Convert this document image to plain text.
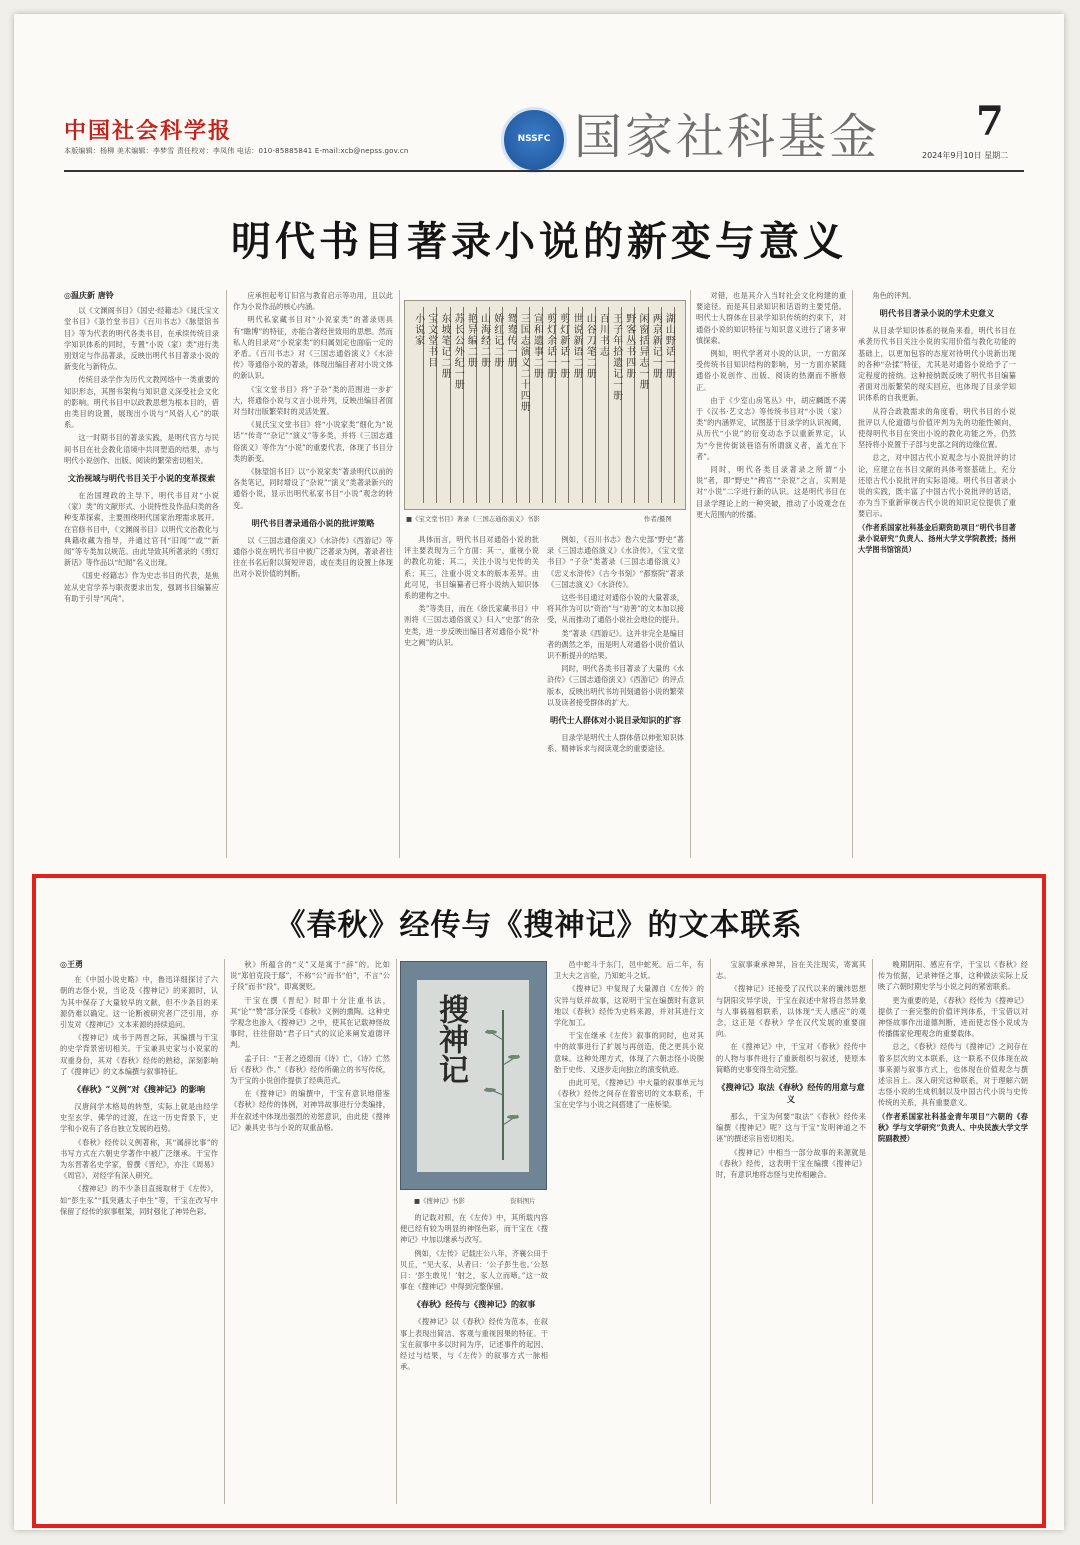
中国社会科学报
本版编辑：杨柳 美术编辑：李梦雪 责任校对：李凤伟 电话：010-85885841 E-mail:xcb@nepss.gov.cn
NSSFC 国家社科基金 7
2024年9月10日 星期二
明代书目著录小说的新变与意义

◎温庆新 唐铃

以《文渊阁书目》《国史·经籍志》《晁氏宝文堂书目》《菉竹堂书目》《百川书志》《脉望馆书目》等为代表的明代各类书目，在承续传统目录学知识体系的同时，专置“小说（家）类”进行类别划定与作品著录，反映出明代书目著录小说的新变化与新特点。

传统目录学作为历代文教网络中一类重要的知识形态，其图书架构与知识意义深受社会文化的影响。明代书目中以政教思想为根本目的，借由类目的设置，展现出小说与“风俗人心”的联系。

这一时期书目的著录实践，是明代官方与民间书目在社会教化语境中共同塑造的结果，亦与明代小说创作、出版、阅读的繁荣密切相关。

文治视域与明代书目关于小说的变革探索

在治国理政的主导下，明代书目对“小说（家）类”的文献形式、小说特性及作品归类的各种变革探索，主要围绕明代国家治理需求展开。在官修书目中，《文渊阁书目》以明代文治教化与典籍收藏为指导，并通过官刊“旧闻”“或”“新闻”等专类加以规范。由此导致其所著录的《剪灯新话》等作品以“纪闻”名义出现。

《国史·经籍志》作为史志书目的代表，是焦竑从史官学养与职责要求出发，强调书目编纂应有助于引导“风尚”。

应承担起考订旧官与教育启示等功用，且以此作为小说作品的核心内涵。

明代私家藏书目对“小说家类”的著录则具有“瞻博”的特征，亦能合著经世致用的思想。然而私人的目录对“小说家类”的归属划定也面临一定的矛盾。《百川书志》对《三国志通俗演义》《水浒传》等通俗小说的著录，体现出编目者对小说文体的新认识。

《宝文堂书目》将“子杂”类的范围进一步扩大，将通俗小说与文言小说并列，反映出编目者面对当时出版繁荣时的灵活处置。

《晁氏宝文堂书目》将“小说家类”细化为“说话”“传奇”“杂记”“演义”等多类，并将《三国志通俗演义》等作为“小说”的重要代表，体现了书目分类的新变。

《脉望馆书目》以“小说家类”著录明代以前的各类笔记，同时增设了“杂说”“演义”类著录新兴的通俗小说，显示出明代私家书目“小说”观念的转变。

明代书目著录通俗小说的批评策略

以《三国志通俗演义》《水浒传》《西游记》等通俗小说在明代书目中被广泛著录为例，著录者往往在书名后附以简短评语，或在类目的设置上体现出对小说价值的判断。

湖山野话一册
两京新记一册
闲窗括异志一册
野客丛书四册
王子年拾遗记一册
百川书志
山谷刀笔二册
世说新语二册
剪灯新话一册
剪灯余话一册
宣和遗事二册
三国志演义二十四册
鸳鸯传一册
娇红记二册
山海经二册
艳异编二册
苏长公外纪一册
东坡笔记二册
宝文堂书目
小说家
■《宝文堂书目》著录《三国志通俗演义》书影	作者/摄图

具体而言，明代书目对通俗小说的批评主要表现为三个方面：其一，重视小说的教化功能；其二，关注小说与史传的关系；其三，注重小说文本的版本差异。由此可见，书目编纂者已将小说纳入知识体系的建构之中。

类”等类目，而在《徐氏家藏书目》中则将《三国志通俗演义》归入“史部”的杂史类，进一步反映出编目者对通俗小说“补史之阙”的认识。

例如，《百川书志》卷六史部“野史”著录《三国志通俗演义》《水浒传》，《宝文堂书目》“子杂”类著录《三国志通俗演义》《忠义水浒传》《古今书刻》“都察院”著录《三国志演义》《水浒传》。

这些书目通过对通俗小说的大量著录，将其作为可以“资治”与“劝善”的文本加以接受，从而推动了通俗小说社会地位的提升。

类”著录《西游记》。这并非完全是编目者的偶然之举，而是明人对通俗小说价值认识不断提升的结果。

同时，明代各类书目著录了大量的《水浒传》《三国志通俗演义》《西游记》的评点版本，反映出明代书坊刊刻通俗小说的繁荣以及读者接受群体的扩大。

明代士人群体对小说目录知识的扩容

目录学是明代士人群体借以伸张知识体系、精神诉求与阅读观念的重要途径。

对错，也是其介入当时社会文化构建的重要途径。而是其目录知识和话语的主要凭借。明代士人群体在目录学知识传统的约束下，对通俗小说的知识特征与知识意义进行了诸多审慎探索。

例如，明代学者对小说的认识，一方面深受传统书目知识结构的影响，另一方面亦紧随通俗小说创作、出版、阅读的热潮而不断修正。

由于《少室山房笔丛》中，胡应麟既不满于《汉书·艺文志》等传统书目对“小说（家）类”的内涵界定，试图基于目录学的认识视阈，从历代“小说”的衍变动态予以重新界定，认为“今世传街谈巷语有所谓演义者，盖尤在下者”。

同时，明代各类目录著录之所谓“小说”者，即“野史”“稗官”“杂说”之言，实则是对“小说”二字进行新的认识。这是明代书目在目录学理论上的一种突破，推动了小说观念在更大范围内的传播。

角色的评判。

明代书目著录小说的学术史意义

从目录学知识体系的视角来看，明代书目在承袭历代书目关注小说的实用价值与教化功能的基础上，以更加包容的态度对待明代小说新出现的各种“杂揉”特征，尤其是对通俗小说给予了一定程度的接纳。这种接纳既反映了明代书目编纂者面对出版繁荣的现实回应，也体现了目录学知识体系的自我更新。

从符合政教需求的角度看，明代书目的小说批评以人伦道德与价值评判为先的功能性倾向，使得明代书目在突出小说的教化功能之外，仍然坚持将小说置于子部与史部之间的边缘位置。

总之，对中国古代小说观念与小说批评的讨论，应建立在书目文献的具体考察基础上，充分还原古代小说批评的实际语境。明代书目著录小说的实践，既丰富了中国古代小说批评的话语，亦为当下重新审视古代小说的知识定位提供了重要启示。

（作者系国家社科基金后期资助项目“明代书目著录小说研究”负责人、扬州大学文学院教授；扬州大学图书馆馆员）

《春秋》经传与《搜神记》的文本联系

◎王勇

在《中国小说史略》中，鲁迅详细探讨了六朝的志怪小说，当论及《搜神记》的来源时，认为其中保存了大量较早的文献，但不少条目的来源仍难以确定。这一论断被研究者广泛引用，亦引发对《搜神记》文本来源的持续追问。

《搜神记》成书于两晋之际，其编撰与干宝的史学背景密切相关。干宝兼具史家与小说家的双重身份，其对《春秋》经传的熟稔，深刻影响了《搜神记》的文本编撰与叙事特征。

《春秋》“义例”对《搜神记》的影响

汉唐间学术格局的转型，实际上就是由经学史至玄学、佛学的过渡，在这一历史背景下，史学和小说有了各自独立发展的趋势。

《春秋》经传以义例著称，其“属辞比事”的书写方式在六朝史学著作中被广泛继承。干宝作为东晋著名史学家，曾撰《晋纪》，亦注《周易》《周官》，对经学有深入研究。

《搜神记》的不少条目直接取材于《左传》，如“彭生豕”“狐突遇太子申生”等，干宝在改写中保留了经传的叙事框架，同时强化了神异色彩。

秋》所蕴含的“义”又是寓于“辞”的。比如说“郑伯克段于鄢”，不称“公”而书“伯”，不言“公子段”而书“段”，即寓褒贬。

干宝在撰《晋纪》时即十分注重书法，其“论”“赞”部分深受《春秋》义例的熏陶。这种史学观念也渗入《搜神记》之中，使其在记载神怪故事时，往往借助“君子曰”式的议论来阐发道德评判。

孟子曰：“王者之迹熄而《诗》亡，《诗》亡然后《春秋》作。”《春秋》经传所确立的书写传统，为干宝的小说创作提供了经典范式。

在《搜神记》的编撰中，干宝有意识地借鉴《春秋》经传的体例，对神异故事进行分类编排，并在叙述中体现出强烈的劝惩意识，由此使《搜神记》兼具史书与小说的双重品格。

搜神记
■《搜神记》书影	资料图片

的记载对照，在《左传》中，其所载内容便已经有较为明显的神怪色彩，而干宝在《搜神记》中加以继承与改写。

例如，《左传》记载庄公八年，齐襄公田于贝丘，“见大豕，从者曰：‘公子彭生也。’公怒曰：‘彭生敢见！’射之，豕人立而啼。”这一故事在《搜神记》中得到完整保留。

《春秋》经传与《搜神记》的叙事

《搜神记》以《春秋》经传为范本，在叙事上表现出简洁、客观与重视因果的特征。干宝在叙事中多以时间为序，记述事件的起因、经过与结果，与《左传》的叙事方式一脉相承。

邑中蛇斗于东门，邑中蛇死。后二年，有卫大夫之言验，乃知蛇斗之妖。

《搜神记》中复现了大量源自《左传》的灾异与妖祥故事，这说明干宝在编撰时有意识地以《春秋》经传为史料来源，并对其进行文学化加工。

干宝在继承《左传》叙事的同时，也对其中的故事进行了扩展与再创造，使之更具小说意味。这种处理方式，体现了六朝志怪小说脱胎于史传、又逐步走向独立的演变轨迹。

由此可见，《搜神记》中大量的叙事单元与《春秋》经传之间存在着密切的文本联系，干宝在史学与小说之间搭建了一座桥梁。

宝叙事秉承神异，旨在关注现实，寄寓其志。

《搜神记》还接受了汉代以来的谶纬思想与阴阳灾异学说，干宝在叙述中常将自然异象与人事祸福相联系，以体现“天人感应”的观念，这正是《春秋》学在汉代发展的重要面向。

在《搜神记》中，干宝对《春秋》经传中的人物与事件进行了重新组织与叙述，使原本简略的史事变得生动完整。

《搜神记》取法《春秋》经传的用意与意义

那么，干宝为何要“取法”《春秋》经传来编撰《搜神记》呢？这与干宝“发明神道之不诬”的撰述宗旨密切相关。

《搜神记》中相当一部分故事的来源就是《春秋》经传，这表明干宝在编撰《搜神记》时，有意识地将志怪与史传相融合。

晚期阴阳、感应有学，干宝以《春秋》经传为依据，记录神怪之事，这种做法实际上反映了六朝时期史学与小说之间的紧密联系。

更为重要的是，《春秋》经传为《搜神记》提供了一套完整的价值评判体系，干宝借以对神怪故事作出道德判断，进而使志怪小说成为传播儒家伦理观念的重要载体。

总之，《春秋》经传与《搜神记》之间存在着多层次的文本联系，这一联系不仅体现在故事来源与叙事方式上，也体现在价值观念与撰述宗旨上。深入研究这种联系，对于理解六朝志怪小说的生成机制以及中国古代小说与史传传统的关系，具有重要意义。

（作者系国家社科基金青年项目“六朝的《春秋》学与文学研究”负责人、中央民族大学文学院副教授）
